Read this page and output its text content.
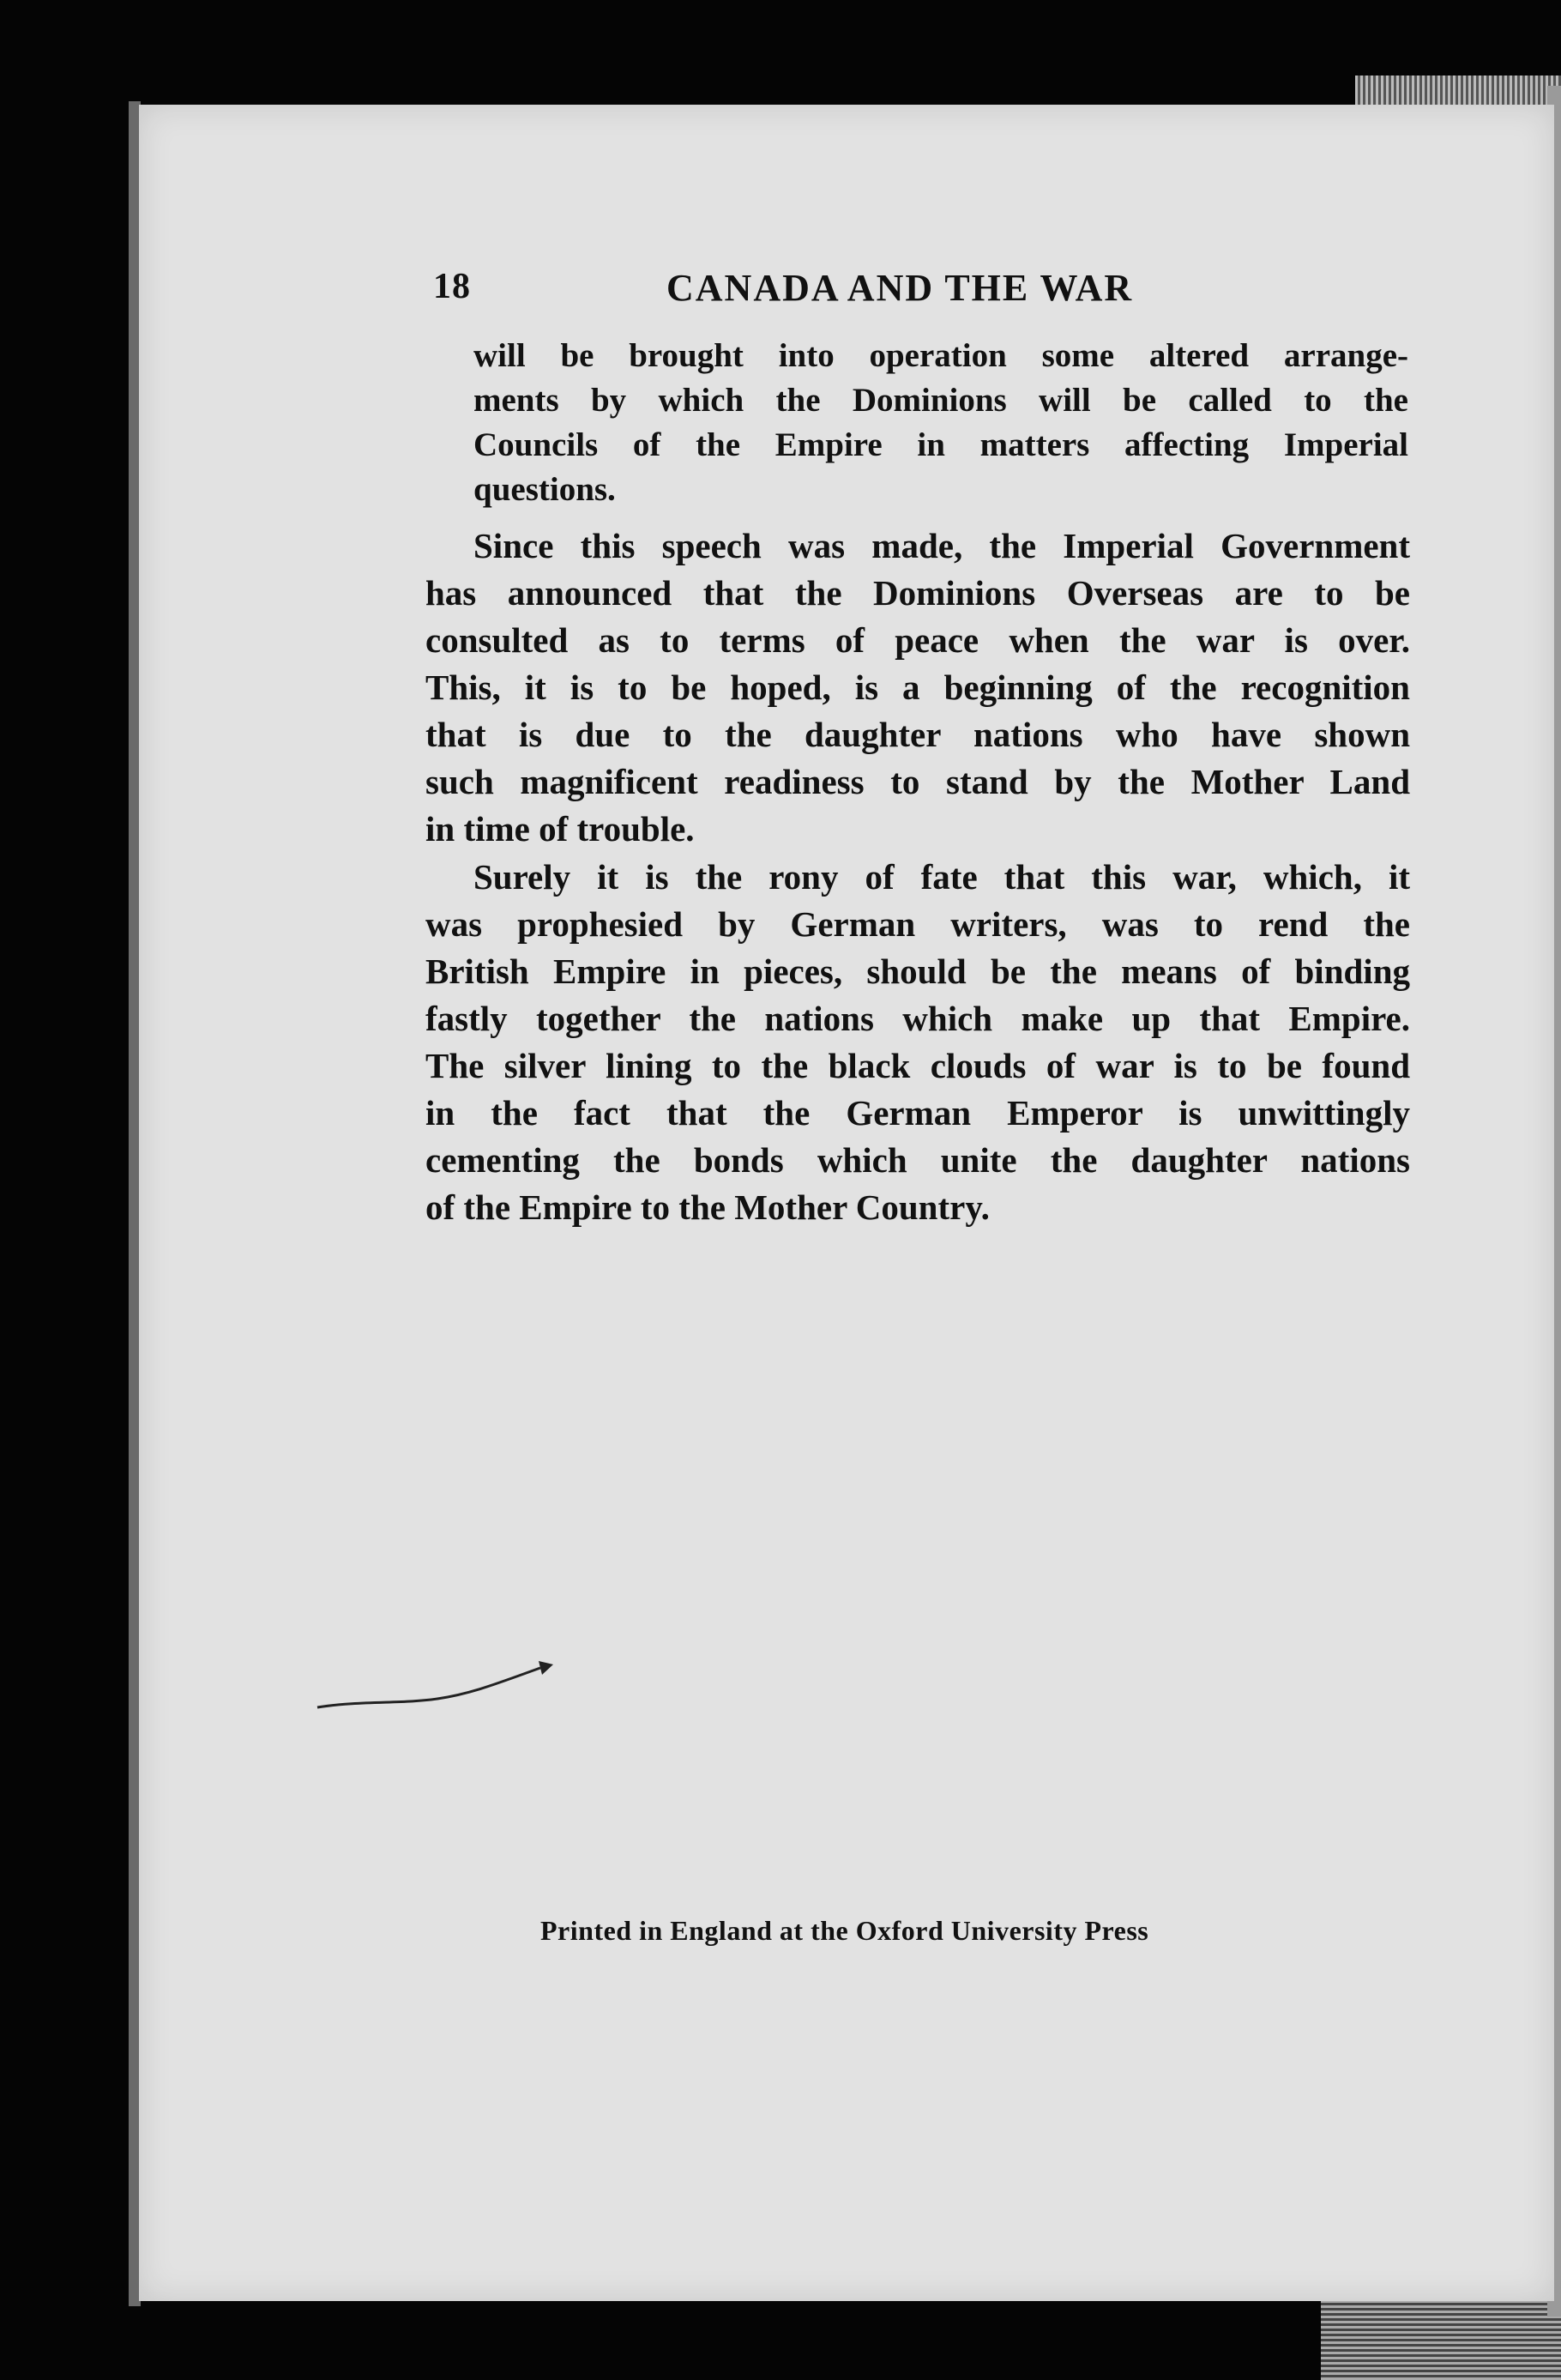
18	CANADA AND THE WAR
will be brought into operation some altered arrange-
ments by which the Dominions will be called to the
Councils of the Empire in matters affecting Imperial
questions.
Since this speech was made, the Imperial Government
has announced that the Dominions Overseas are to be
consulted as to terms of peace when the war is over.
This, it is to be hoped, is a beginning of the recognition
that is due to the daughter nations who have shown
such magnificent readiness to stand by the Mother Land
in time of trouble.
Surely it is the rony of fate that this war, which, it
was prophesied by German writers, was to rend the
British Empire in pieces, should be the means of binding
fastly together the nations which make up that Empire.
The silver lining to the black clouds of war is to be found
in the fact that the German Emperor is unwittingly
cementing the bonds which unite the daughter nations
of the Empire to the Mother Country.
Printed in England at the Oxford University Press
